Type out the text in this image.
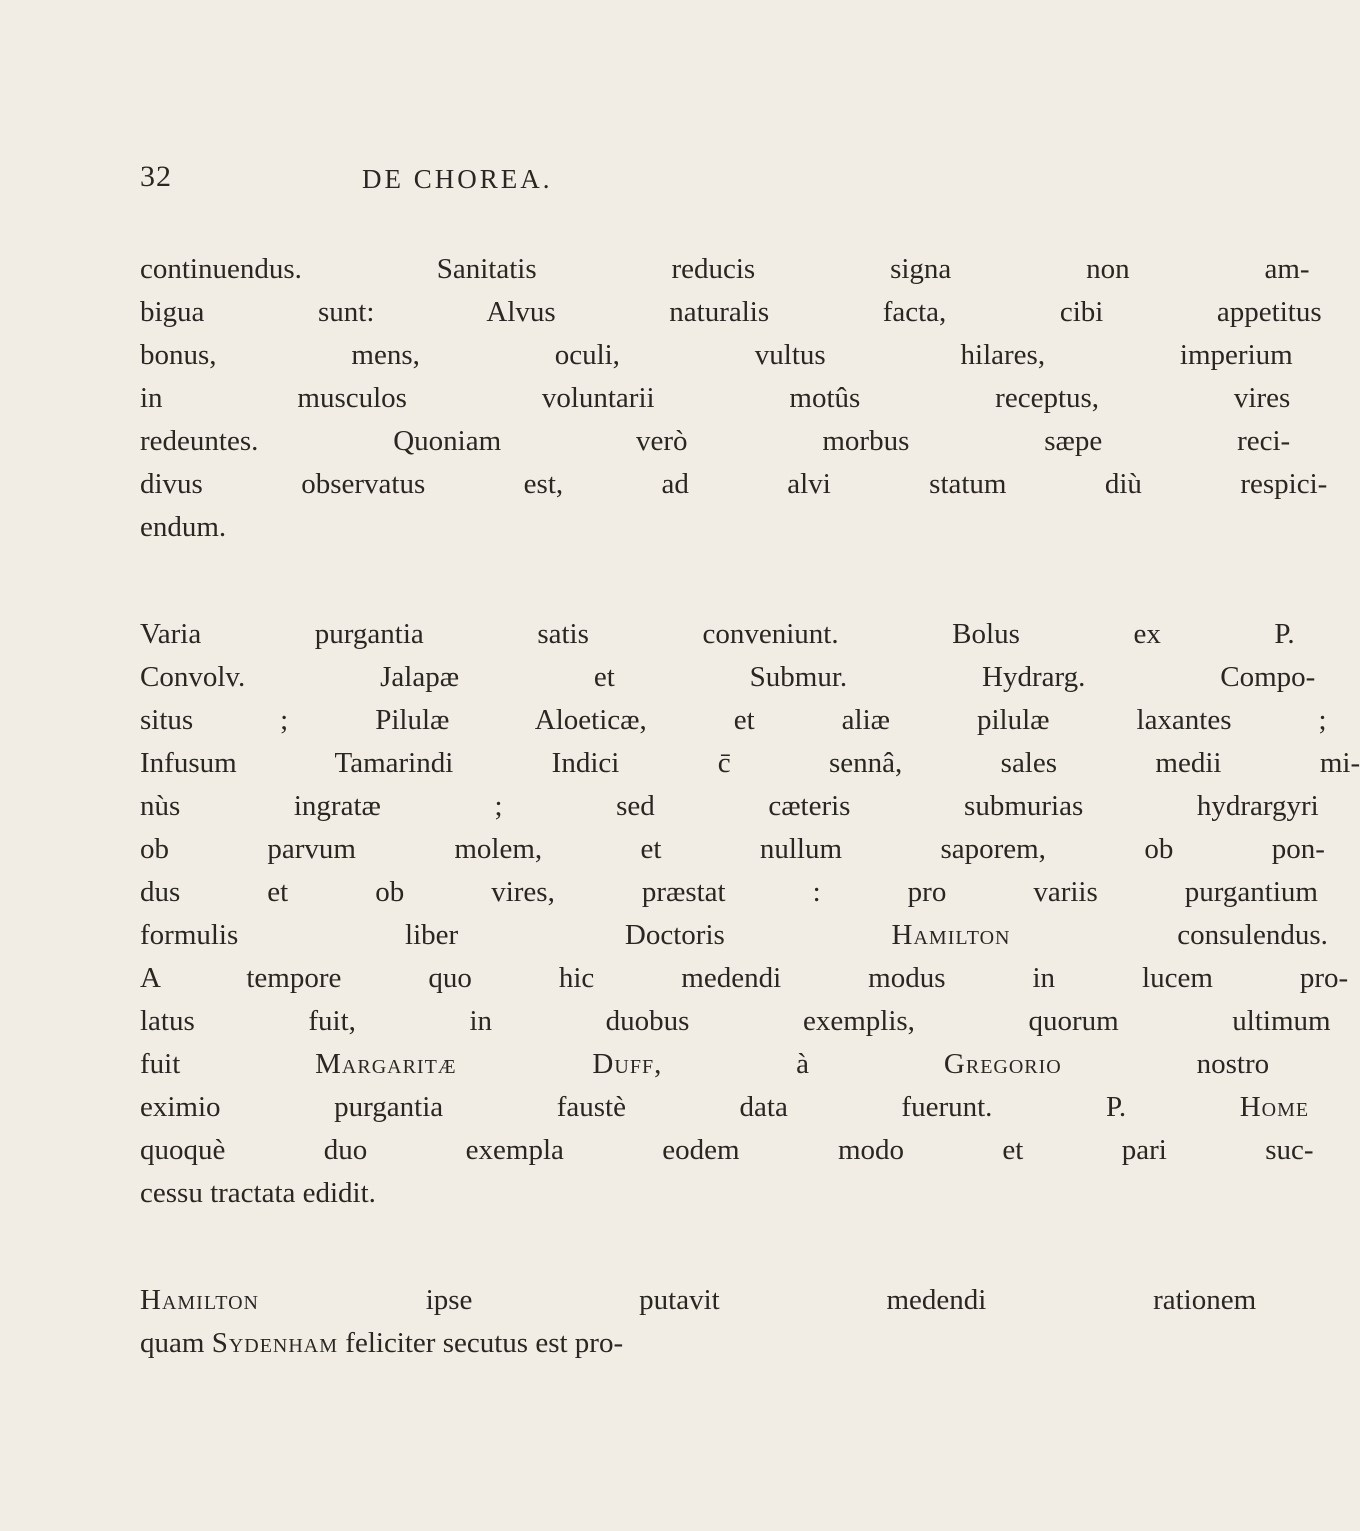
32	DE CHOREA.
continuendus. Sanitatis reducis signa non am-
bigua sunt: Alvus naturalis facta, cibi appetitus
bonus, mens, oculi, vultus hilares, imperium
in musculos voluntarii motûs receptus, vires
redeuntes. Quoniam verò morbus sæpe reci-
divus observatus est, ad alvi statum diù respici-
endum.
Varia purgantia satis conveniunt. Bolus ex P.
Convolv. Jalapæ et Submur. Hydrarg. Compo-
situs ; Pilulæ Aloeticæ, et aliæ pilulæ laxantes ;
Infusum Tamarindi Indici c̄ sennâ, sales medii mi-
nùs ingratæ ; sed cæteris submurias hydrargyri
ob parvum molem, et nullum saporem, ob pon-
dus et ob vires, præstat : pro variis purgantium
formulis liber Doctoris Hamilton consulendus.
A tempore quo hic medendi modus in lucem pro-
latus fuit, in duobus exemplis, quorum ultimum
fuit Margaritæ Duff, à Gregorio nostro
eximio purgantia faustè data fuerunt. P. Home
quoquè duo exempla eodem modo et pari suc-
cessu tractata edidit.
Hamilton ipse putavit medendi rationem
quam Sydenham feliciter secutus est pro-
